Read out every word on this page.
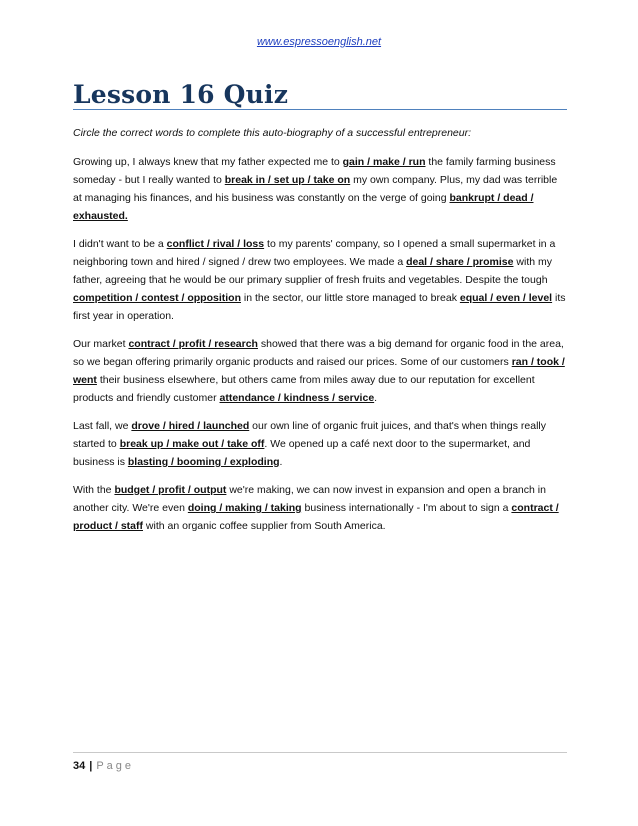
www.espressoenglish.net
Lesson 16 Quiz

Circle the correct words to complete this auto-biography of a successful entrepreneur:

Growing up, I always knew that my father expected me to gain / make / run the family farming business someday - but I really wanted to break in / set up / take on my own company. Plus, my dad was terrible at managing his finances, and his business was constantly on the verge of going bankrupt / dead / exhausted.

I didn't want to be a conflict / rival / loss to my parents' company, so I opened a small supermarket in a neighboring town and hired / signed / drew two employees. We made a deal / share / promise with my father, agreeing that he would be our primary supplier of fresh fruits and vegetables. Despite the tough competition / contest / opposition in the sector, our little store managed to break equal / even / level its first year in operation.

Our market contract / profit / research showed that there was a big demand for organic food in the area, so we began offering primarily organic products and raised our prices. Some of our customers ran / took / went their business elsewhere, but others came from miles away due to our reputation for excellent products and friendly customer attendance / kindness / service.

Last fall, we drove / hired / launched our own line of organic fruit juices, and that's when things really started to break up / make out / take off. We opened up a café next door to the supermarket, and business is blasting / booming / exploding.

With the budget / profit / output we're making, we can now invest in expansion and open a branch in another city. We're even doing / making / taking business internationally - I'm about to sign a contract / product / staff with an organic coffee supplier from South America.

34 | Page
